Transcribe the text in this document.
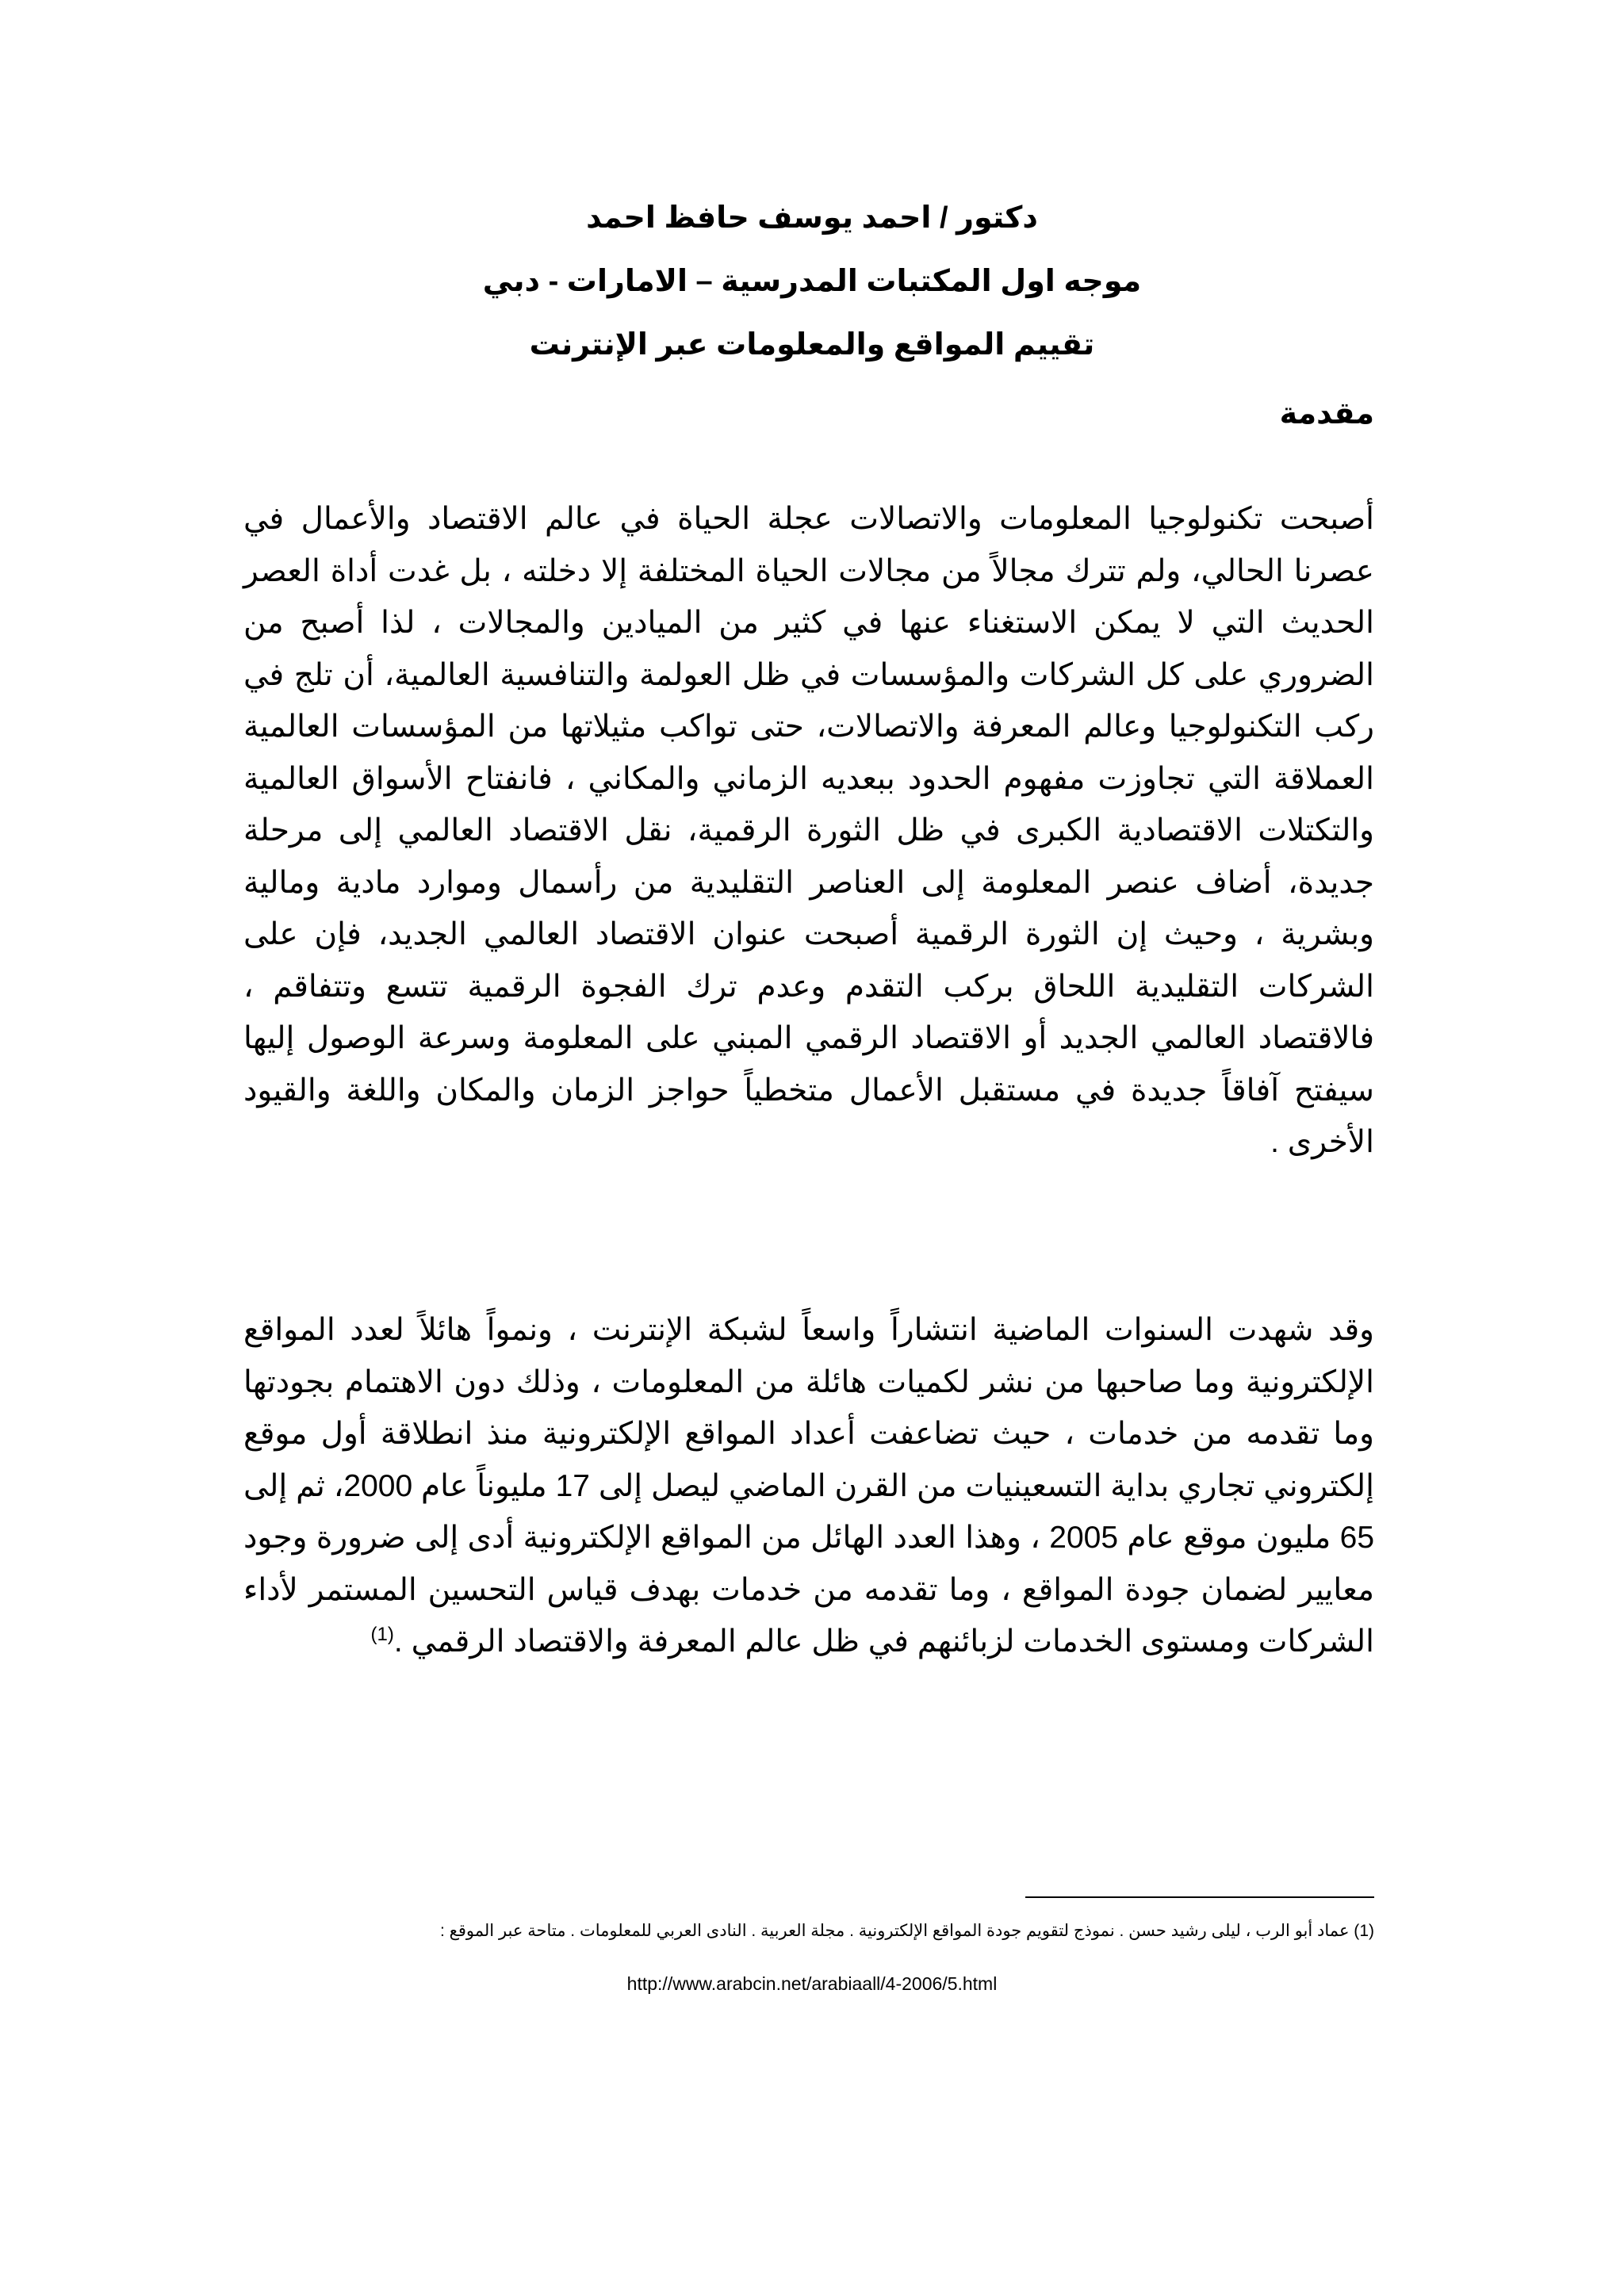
دكتور / احمد يوسف حافظ احمد

موجه اول المكتبات المدرسية – الامارات - دبي

تقييم المواقع والمعلومات عبر الإنترنت

مقدمة

أصبحت تكنولوجيا المعلومات والاتصالات عجلة الحياة في عالم الاقتصاد والأعمال في عصرنا الحالي، ولم تترك مجالاً من مجالات الحياة المختلفة إلا دخلته ، بل غدت أداة العصر الحديث التي لا يمكن الاستغناء عنها في كثير من الميادين والمجالات ، لذا أصبح من الضروري على كل الشركات والمؤسسات في ظل العولمة والتنافسية العالمية، أن تلج في ركب التكنولوجيا وعالم المعرفة والاتصالات، حتى تواكب مثيلاتها من المؤسسات العالمية العملاقة التي تجاوزت مفهوم الحدود ببعديه الزماني والمكاني ، فانفتاح الأسواق العالمية والتكتلات الاقتصادية الكبرى في ظل الثورة الرقمية، نقل الاقتصاد العالمي إلى مرحلة جديدة، أضاف عنصر المعلومة إلى العناصر التقليدية من رأسمال وموارد مادية ومالية وبشرية ، وحيث إن الثورة الرقمية أصبحت عنوان الاقتصاد العالمي الجديد، فإن على الشركات التقليدية اللحاق بركب التقدم وعدم ترك الفجوة الرقمية تتسع وتتفاقم ، فالاقتصاد العالمي الجديد أو الاقتصاد الرقمي المبني على المعلومة وسرعة الوصول إليها سيفتح آفاقاً جديدة في مستقبل الأعمال متخطياً حواجز الزمان والمكان واللغة والقيود الأخرى .

وقد شهدت السنوات الماضية انتشاراً واسعاً لشبكة الإنترنت ، ونمواً هائلاً لعدد المواقع الإلكترونية وما صاحبها من نشر لكميات هائلة من المعلومات ، وذلك دون الاهتمام بجودتها وما تقدمه من خدمات ، حيث تضاعفت أعداد المواقع الإلكترونية منذ انطلاقة أول موقع إلكتروني تجاري بداية التسعينيات من القرن الماضي ليصل إلى 17 مليوناً عام 2000، ثم إلى 65 مليون موقع عام 2005 ، وهذا العدد الهائل من المواقع الإلكترونية أدى إلى ضرورة وجود معايير لضمان جودة المواقع ، وما تقدمه من خدمات بهدف قياس التحسين المستمر لأداء الشركات ومستوى الخدمات لزبائنهم في ظل عالم المعرفة والاقتصاد الرقمي .$^{(1)}$

(1) عماد أبو الرب ، ليلى رشيد حسن . نموذج لتقويم جودة المواقع الإلكترونية . مجلة العربية . النادى العربي للمعلومات . متاحة عبر الموقع :

http://www.arabcin.net/arabiaall/4-2006/5.html
